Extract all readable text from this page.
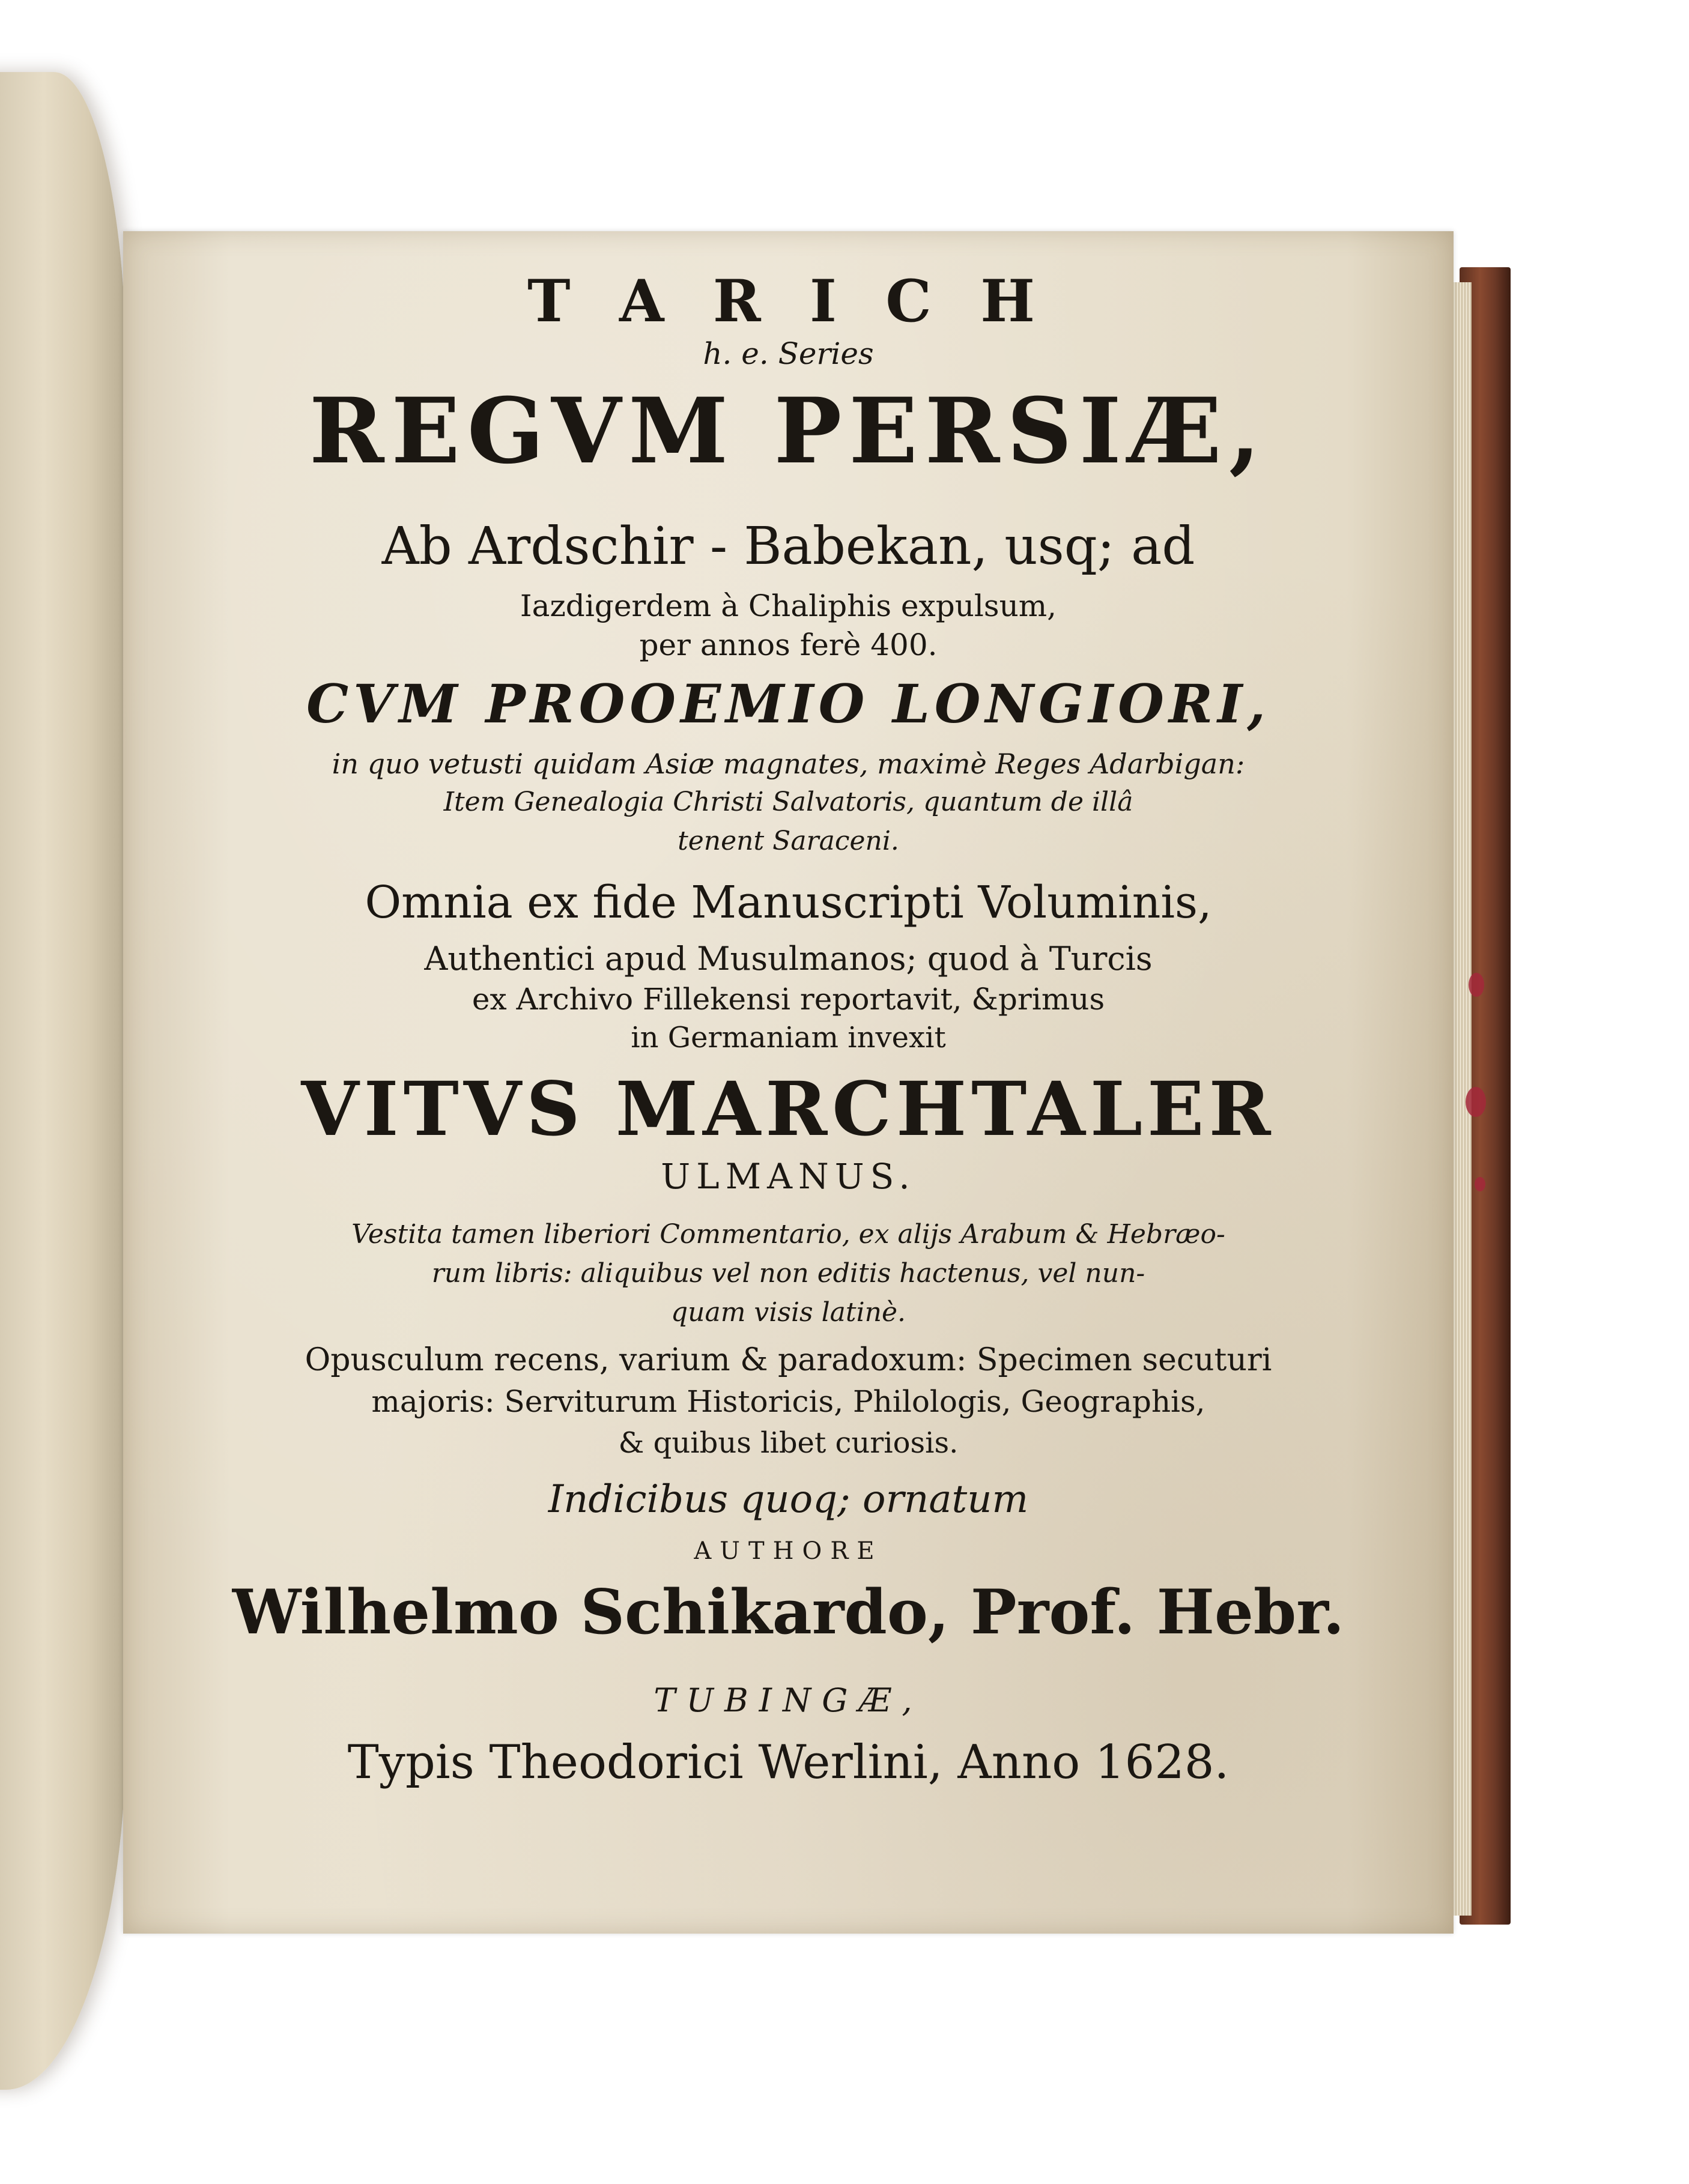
T A R I C H
h. e. Series
REGVM PERSIÆ,
Ab Ardschir - Babekan, usq; ad
Iazdigerdem à Chaliphis expulsum,
per annos ferè 400.
CVM PROOEMIO LONGIORI,
in quo vetusti quidam Asiæ magnates, maximè Reges Adarbigan:
Item Genealogia Christi Salvatoris, quantum de illâ
tenent Saraceni.
Omnia ex fide Manuscripti Voluminis,
Authentici apud Musulmanos; quod à Turcis
ex Archivo Fillekensi reportavit, &primus
in Germaniam invexit
VITVS MARCHTALER
ULMANUS.
Vestita tamen liberiori Commentario, ex alijs Arabum & Hebræo-
rum libris: aliquibus vel non editis hactenus, vel nun-
quam visis latinè.
Opusculum recens, varium & paradoxum: Specimen secuturi
majoris: Serviturum Historicis, Philologis, Geographis,
& quibus libet curiosis.
Indicibus quoq; ornatum
AUTHORE
Wilhelmo Schikardo, Prof. Hebr.
TUBINGÆ,
Typis Theodorici Werlini, Anno 1628.
